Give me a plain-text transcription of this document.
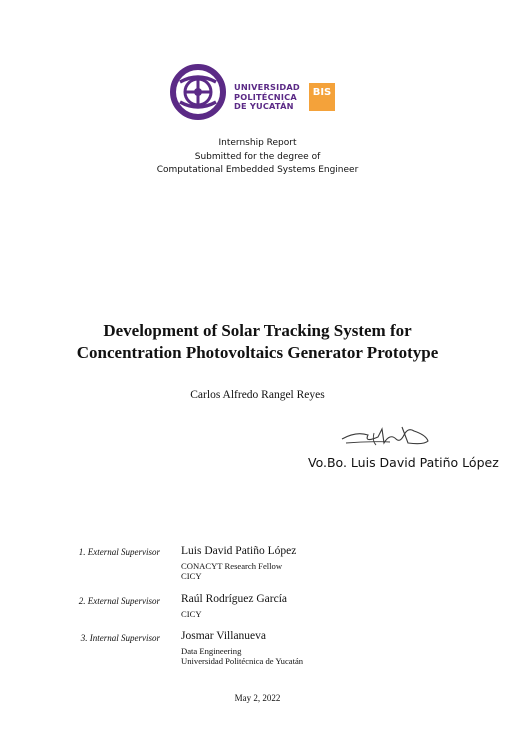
UNIVERSIDAD
POLITÉCNICA
DE YUCATÁN
BIS
Internship Report
Submitted for the degree of
Computational Embedded Systems Engineer
Development of Solar Tracking System for
Concentration Photovoltaics Generator Prototype
Carlos Alfredo Rangel Reyes
Vo.Bo. Luis David Patiño López
1. External Supervisor Luis David Patiño López
CONACYT Research Fellow
CICY
2. External Supervisor Raúl Rodríguez García
CICY
3. Internal Supervisor Josmar Villanueva
Data Engineering
Universidad Politécnica de Yucatán
May 2, 2022
